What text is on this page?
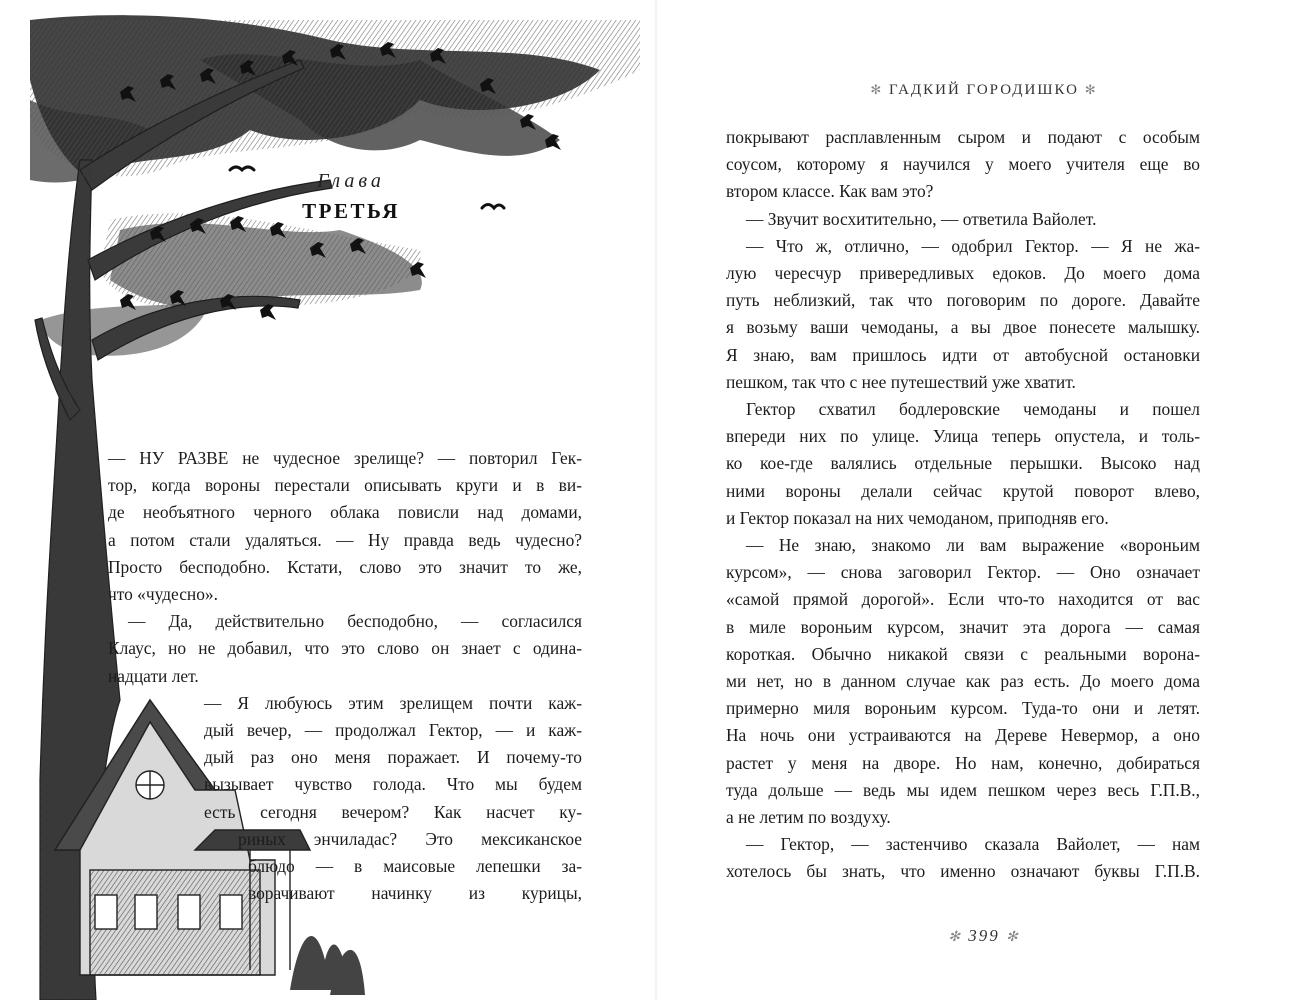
Глава
ТРЕТЬЯ
— НУ РАЗВЕ не чудесное зрелище? — повторил Гек-
тор, когда вороны перестали описывать круги и в ви-
де необъятного черного облака повисли над домами,
а потом стали удаляться. — Ну правда ведь чудесно?
Просто бесподобно. Кстати, слово это значит то же,
что «чудесно».
— Да, действительно бесподобно, — согласился
Клаус, но не добавил, что это слово он знает с одина-
надцати лет.
— Я любуюсь этим зрелищем почти каж-
дый вечер, — продолжал Гектор, — и каж-
дый раз оно меня поражает. И почему-то
вызывает чувство голода. Что мы будем
есть сегодня вечером? Как насчет ку-
риных энчиладас? Это мексиканское
блюдо — в маисовые лепешки за-
ворачивают начинку из курицы,
✻ ГАДКИЙ ГОРОДИШКО ✻
покрывают расплавленным сыром и подают с особым
соусом, которому я научился у моего учителя еще во
втором классе. Как вам это?
— Звучит восхитительно, — ответила Вайолет.
— Что ж, отлично, — одобрил Гектор. — Я не жа-
лую чересчур привередливых едоков. До моего дома
путь неблизкий, так что поговорим по дороге. Давайте
я возьму ваши чемоданы, а вы двое понесете малышку.
Я знаю, вам пришлось идти от автобусной остановки
пешком, так что с нее путешествий уже хватит.
Гектор схватил бодлеровские чемоданы и пошел
впереди них по улице. Улица теперь опустела, и толь-
ко кое-где валялись отдельные перышки. Высоко над
ними вороны делали сейчас крутой поворот влево,
и Гектор показал на них чемоданом, приподняв его.
— Не знаю, знакомо ли вам выражение «вороньим
курсом», — снова заговорил Гектор. — Оно означает
«самой прямой дорогой». Если что-то находится от вас
в миле вороньим курсом, значит эта дорога — самая
короткая. Обычно никакой связи с реальными ворона-
ми нет, но в данном случае как раз есть. До моего дома
примерно миля вороньим курсом. Туда-то они и летят.
На ночь они устраиваются на Дереве Невермор, а оно
растет у меня на дворе. Но нам, конечно, добираться
туда дольше — ведь мы идем пешком через весь Г.П.В.,
а не летим по воздуху.
— Гектор, — застенчиво сказала Вайолет, — нам
хотелось бы знать, что именно означают буквы Г.П.В.
✻ 399 ✻
